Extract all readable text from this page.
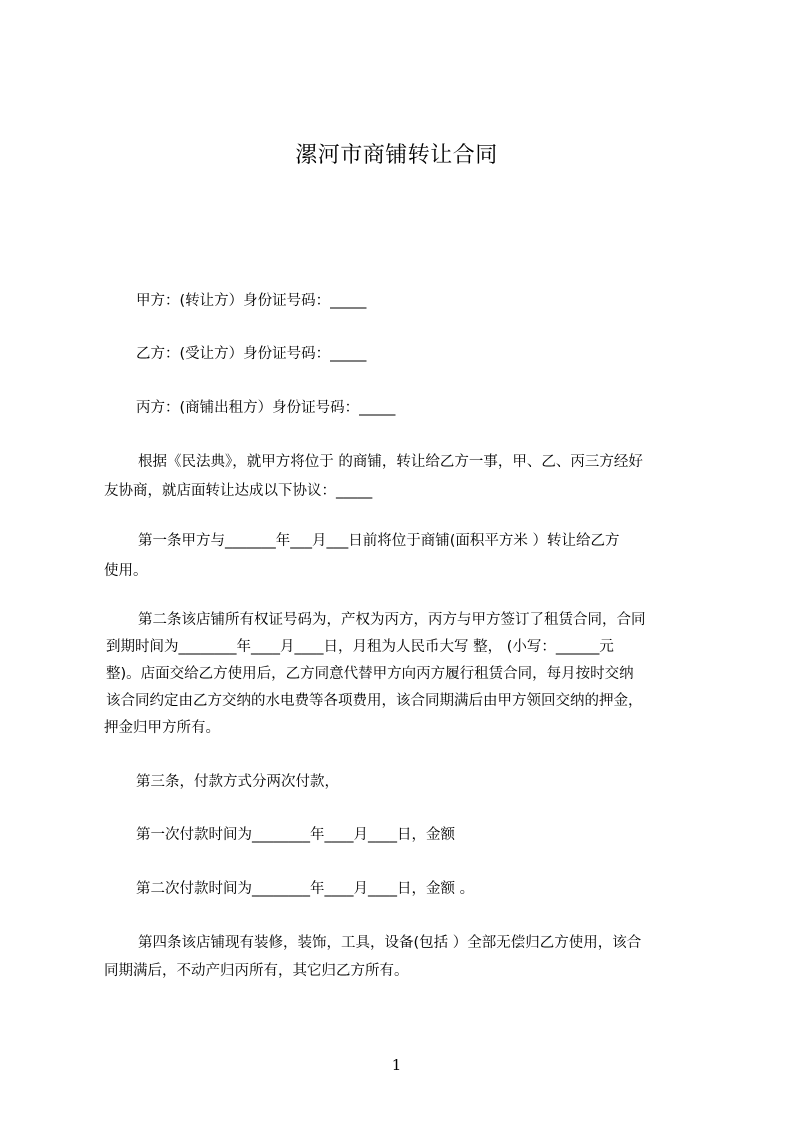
漯河市商铺转让合同
甲方：(转让方）身份证号码：_____
乙方：(受让方）身份证号码：_____
丙方：(商铺出租方）身份证号码：_____
根据《民法典》，就甲方将位于 的商铺，转让给乙方一事，甲、乙、丙三方经好
友协商，就店面转让达成以下协议：_____
第一条甲方与_______年___月___日前将位于商铺(面积平方米 ）转让给乙方
使用。
第二条该店铺所有权证号码为，产权为丙方，丙方与甲方签订了租赁合同，合同
到期时间为________年____月____日，月租为人民币大写 整， (小写：______元
整)。店面交给乙方使用后，乙方同意代替甲方向丙方履行租赁合同，每月按时交纳
该合同约定由乙方交纳的水电费等各项费用，该合同期满后由甲方领回交纳的押金，
押金归甲方所有。
第三条，付款方式分两次付款，
第一次付款时间为________年____月____日，金额
第二次付款时间为________年____月____日，金额 。
第四条该店铺现有装修，装饰，工具，设备(包括 ）全部无偿归乙方使用，该合
同期满后，不动产归丙所有，其它归乙方所有。
1
